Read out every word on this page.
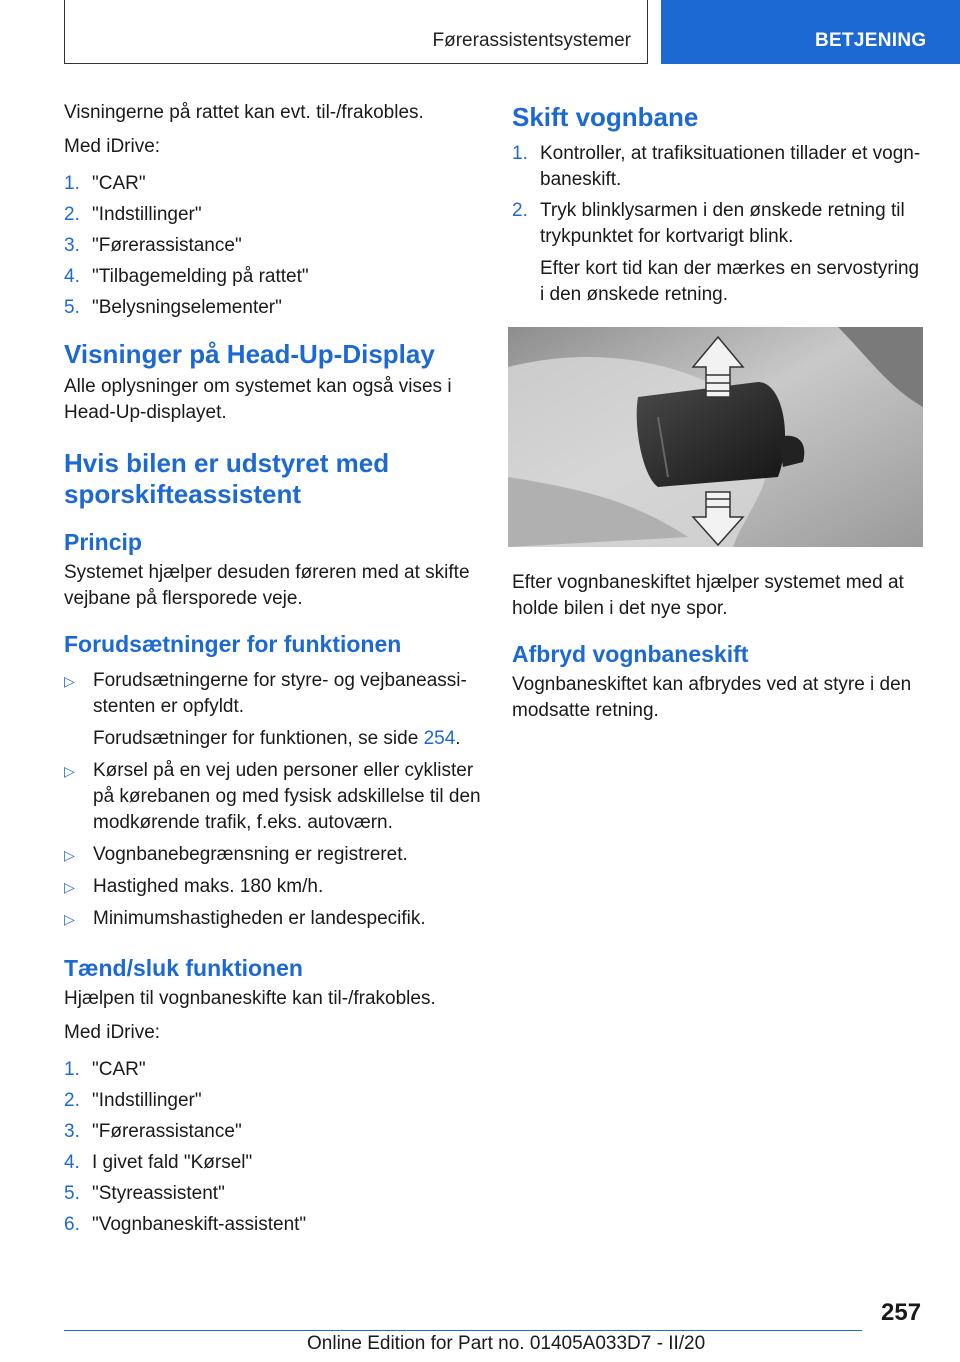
Førerassistentsystemer	BETJENING

Visningerne på rattet kan evt. til-/frakobles.

Med iDrive:

1. "CAR"
2. "Indstillinger"
3. "Førerassistance"
4. "Tilbagemelding på rattet"
5. "Belysningselementer"
Visninger på Head-Up-Display

Alle oplysninger om systemet kan også vises i Head-Up-displayet.

Hvis bilen er udstyret med sporskifteassistent
Princip

Systemet hjælper desuden føreren med at skifte vejbane på flersporede veje.

Forudsætninger for funktionen
▷ Forudsætningerne for styre- og vejbaneassistenten er opfyldt.
Forudsætninger for funktionen, se side 254.
▷ Kørsel på en vej uden personer eller cyklister på kørebanen og med fysisk adskillelse til den modkørende trafik, f.eks. autoværn.
▷ Vognbanebegrænsning er registreret.
▷ Hastighed maks. 180 km/h.
▷ Minimumshastigheden er landespecifik.
Tænd/sluk funktionen

Hjælpen til vognbaneskifte kan til-/frakobles.

Med iDrive:

1. "CAR"
2. "Indstillinger"
3. "Førerassistance"
4. I givet fald "Kørsel"
5. "Styreassistent"
6. "Vognbaneskift-assistent"
Skift vognbane
1. Kontroller, at trafiksituationen tillader et vognbaneskift.
2. Tryk blinklysarmen i den ønskede retning til trykpunktet for kortvarigt blink.
Efter kort tid kan der mærkes en servostyring i den ønskede retning.

Efter vognbaneskiftet hjælper systemet med at holde bilen i det nye spor.

Afbryd vognbaneskift

Vognbaneskiftet kan afbrydes ved at styre i den modsatte retning.

257
Online Edition for Part no. 01405A033D7 - II/20
